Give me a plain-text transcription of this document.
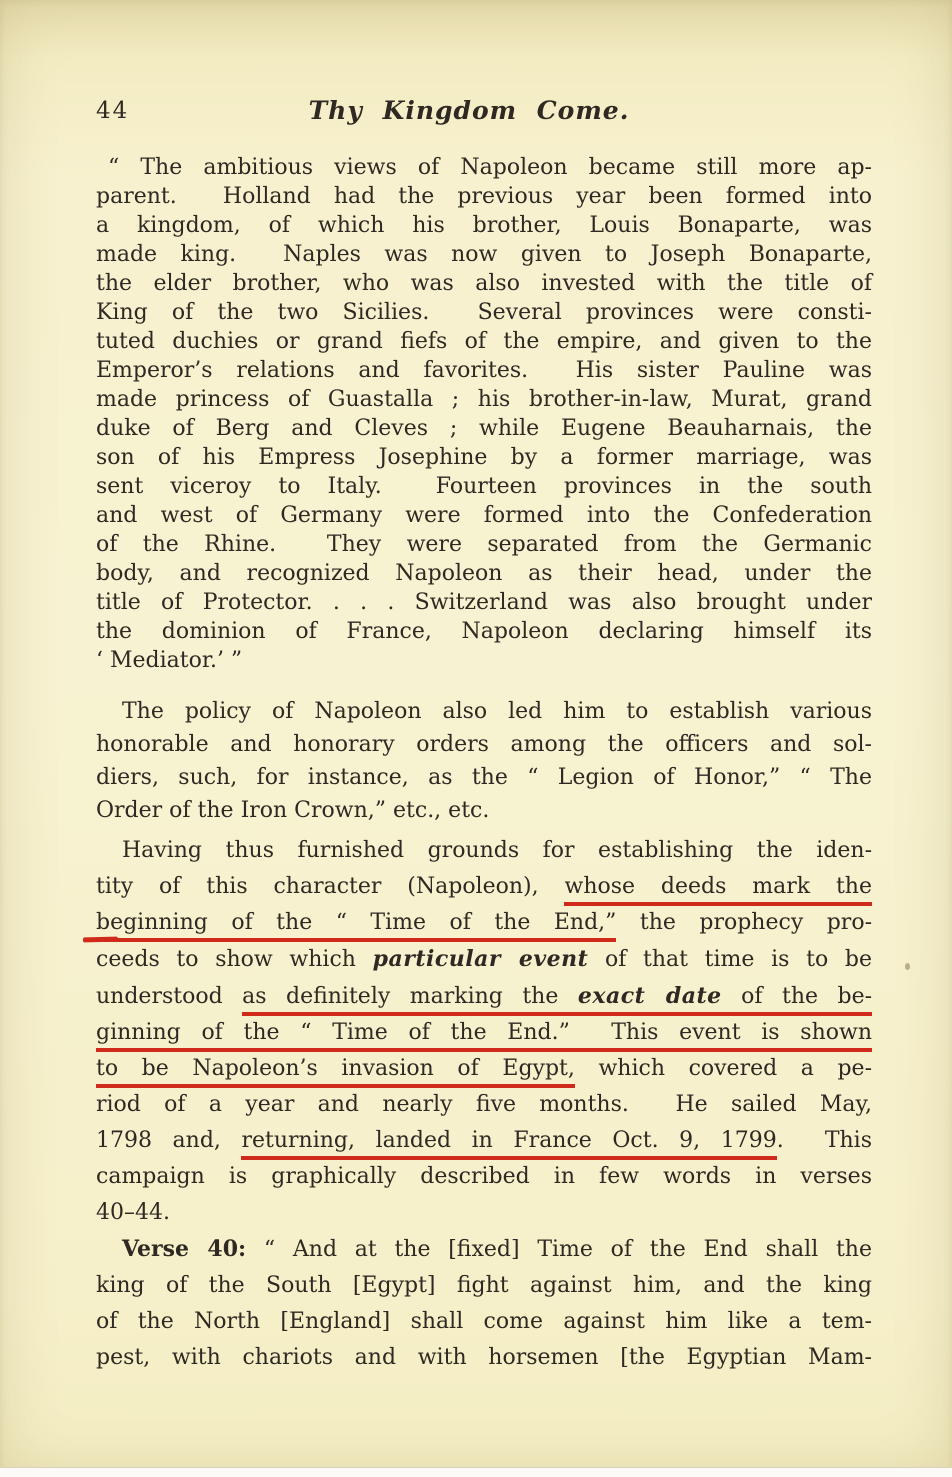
44	Thy Kingdom Come.
“ The ambitious views of Napoleon became still more ap-
parent.  Holland had the previous year been formed into
a kingdom, of which his brother, Louis Bonaparte, was
made king.  Naples was now given to Joseph Bonaparte,
the elder brother, who was also invested with the title of
King of the two Sicilies.  Several provinces were consti-
tuted duchies or grand fiefs of the empire, and given to the
Emperor’s relations and favorites.  His sister Pauline was
made princess of Guastalla ; his brother-in-law, Murat, grand
duke of Berg and Cleves ; while Eugene Beauharnais, the
son of his Empress Josephine by a former marriage, was
sent viceroy to Italy.  Fourteen provinces in the south
and west of Germany were formed into the Confederation
of the Rhine.  They were separated from the Germanic
body, and recognized Napoleon as their head, under the
title of Protector. . . . Switzerland was also brought under
the dominion of France, Napoleon declaring himself its
‘ Mediator.’ ”
The policy of Napoleon also led him to establish various
honorable and honorary orders among the officers and sol-
diers, such, for instance, as the “ Legion of Honor,” “ The
Order of the Iron Crown,” etc., etc.
Having thus furnished grounds for establishing the iden-
tity of this character (Napoleon), whose deeds mark the
beginning of the “ Time of the End,” the prophecy pro-
ceeds to show which particular event of that time is to be
understood as definitely marking the exact date of the be-
ginning of the “ Time of the End.”  This event is shown
to be Napoleon’s invasion of Egypt, which covered a pe-
riod of a year and nearly five months.  He sailed May,
1798 and, returning, landed in France Oct. 9, 1799.  This
campaign is graphically described in few words in verses
40–44.
Verse 40: “ And at the [fixed] Time of the End shall the
king of the South [Egypt] fight against him, and the king
of the North [England] shall come against him like a tem-
pest, with chariots and with horsemen [the Egyptian Mam-
